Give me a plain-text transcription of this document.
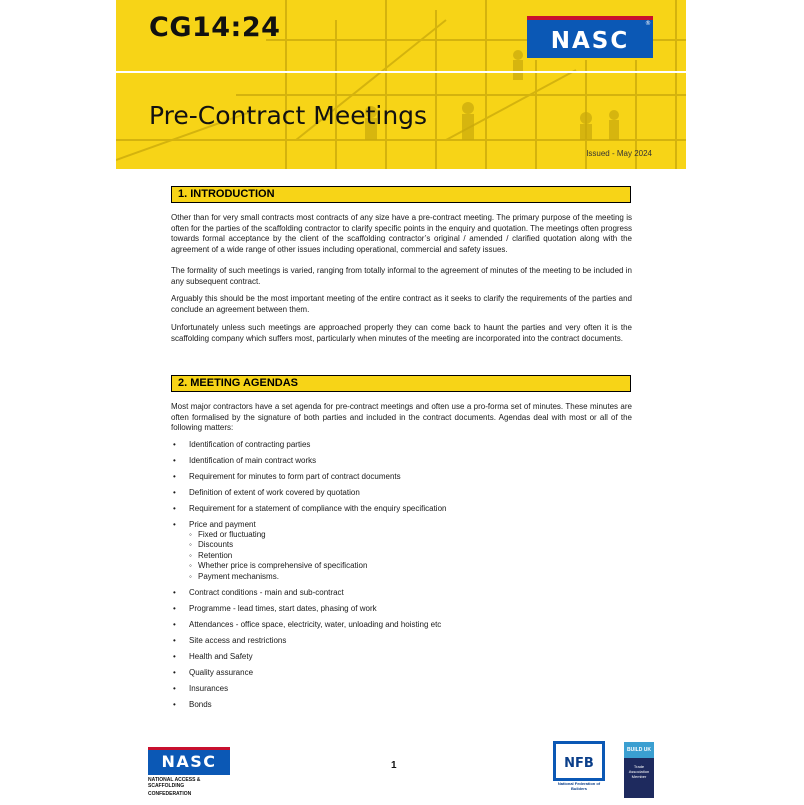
CG14:24	NASC
®
Pre-Contract Meetings
Issued - May 2024
1. INTRODUCTION

Other than for very small contracts most contracts of any size have a pre-contract meeting. The primary purpose of the meeting is often for the parties of the scaffolding contractor to clarify specific points in the enquiry and quotation. The meetings often progress towards formal acceptance by the client of the scaffolding contractor’s original / amended / clarified quotation along with the agreement of a wide range of other issues including operational, commercial and safety issues.

The formality of such meetings is varied, ranging from totally informal to the agreement of minutes of the meeting to be included in any subsequent contract.

Arguably this should be the most important meeting of the entire contract as it seeks to clarify the requirements of the parties and conclude an agreement between them.

Unfortunately unless such meetings are approached properly they can come back to haunt the parties and very often it is the scaffolding company which suffers most, particularly when minutes of the meeting are incorporated into the contract documents.

2. MEETING AGENDAS

Most major contractors have a set agenda for pre-contract meetings and often use a pro-forma set of minutes. These minutes are often formalised by the signature of both parties and included in the contract documents. Agendas deal with most or all of the following matters:

• Identification of contracting parties
• Identification of main contract works
• Requirement for minutes to form part of contract documents
• Definition of extent of work covered by quotation
• Requirement for a statement of compliance with the enquiry specification
• Price and payment
◦ Fixed or fluctuating
◦ Discounts
◦ Retention
◦ Whether price is comprehensive of specification
◦ Payment mechanisms.
• Contract conditions - main and sub-contract
• Programme - lead times, start dates, phasing of work
• Attendances - office space, electricity, water, unloading and hoisting etc
• Site access and restrictions
• Health and Safety
• Quality assurance
• Insurances
• Bonds
NASC
NATIONAL ACCESS & SCAFFOLDING
CONFEDERATION
1	NFB
National Federation of Builders
BUILD UK
Trade
Association
Member
